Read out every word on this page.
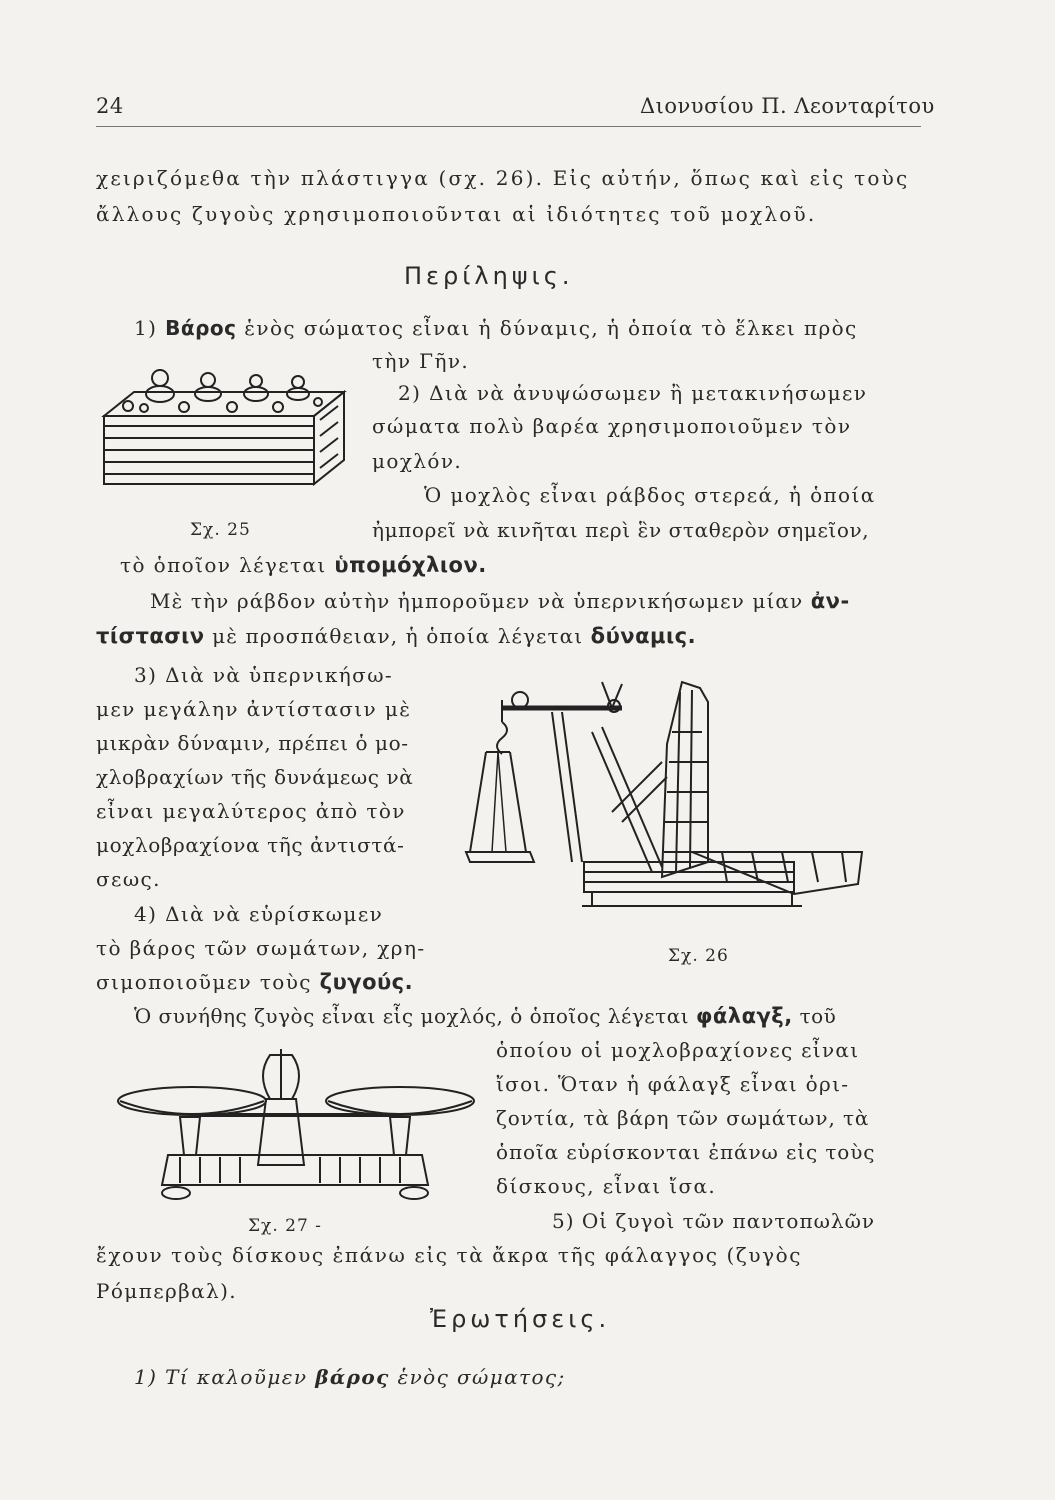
24	Διονυσίου Π. Λεονταρίτου
χειριζόμεθα τὴν πλάστιγγα (σχ. 26). Εἰς αὐτήν, ὅπως καὶ εἰς τοὺς
ἄλλους ζυγοὺς χρησιμοποιοῦνται αἱ ἰδιότητες τοῦ μοχλοῦ.
Περίληψις.
1) Βάρος ἑνὸς σώματος εἶναι ἡ δύναμις, ἡ ὁποία τὸ ἕλκει πρὸς
τὴν Γῆν.
2) Διὰ νὰ ἀνυψώσωμεν ἢ μετακινήσωμεν
σώματα πολὺ βαρέα χρησιμοποιοῦμεν τὸν
μοχλόν.
Ὁ μοχλὸς εἶναι ράβδος στερεά, ἡ ὁποία
Σχ. 25	ἠμπορεῖ νὰ κινῆται περὶ ἓν σταθερὸν σημεῖον,
τὸ ὁποῖον λέγεται ὑπομόχλιον.
Μὲ τὴν ράβδον αὐτὴν ἠμποροῦμεν νὰ ὑπερνικήσωμεν μίαν ἀν-
τίστασιν μὲ προσπάθειαν, ἡ ὁποία λέγεται δύναμις.
3) Διὰ νὰ ὑπερνικήσω-
μεν μεγάλην ἀντίστασιν μὲ
μικρὰν δύναμιν, πρέπει ὁ μο-
χλοβραχίων τῆς δυνάμεως νὰ
εἶναι μεγαλύτερος ἀπὸ τὸν
μοχλοβραχίονα τῆς ἀντιστά-
σεως.
4) Διὰ νὰ εὑρίσκωμεν
τὸ βάρος τῶν σωμάτων, χρη-	Σχ. 26
σιμοποιοῦμεν τοὺς ζυγούς.
Ὁ συνήθης ζυγὸς εἶναι εἷς μοχλός, ὁ ὁποῖος λέγεται φάλαγξ, τοῦ
ὁποίου οἱ μοχλοβραχίονες εἶναι
ἴσοι. Ὅταν ἡ φάλαγξ εἶναι ὁρι-
ζοντία, τὰ βάρη τῶν σωμάτων, τὰ
ὁποῖα εὑρίσκονται ἐπάνω εἰς τοὺς
δίσκους, εἶναι ἴσα.
Σχ. 27 -	5) Οἱ ζυγοὶ τῶν παντοπωλῶν
ἔχουν τοὺς δίσκους ἐπάνω εἰς τὰ ἄκρα τῆς φάλαγγος (ζυγὸς
Ρόμπερβαλ).
Ἐρωτήσεις.
1) Τί καλοῦμεν βάρος ἑνὸς σώματος;
